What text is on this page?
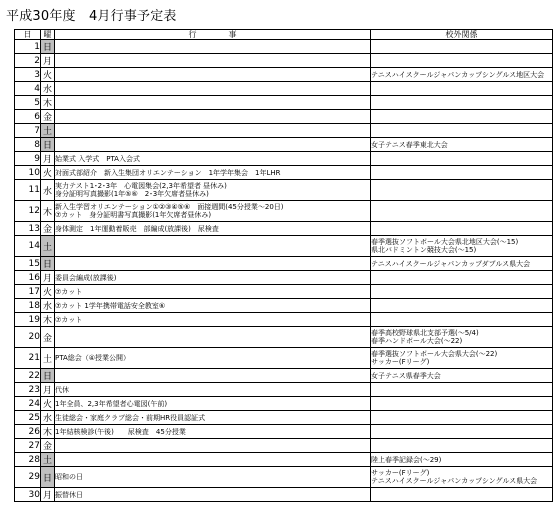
平成30年度　4月行事予定表
日	曜	行　　　　事	校外関係
1	日		
2	月		
3	火		テニスハイスクールジャパンカップシングルス地区大会

4	水		
5	木		
6	金		
7	土		
8	日		女子テニス春季東北大会

9	月	始業式 入学式　PTA入会式	

10	火	対面式部紹介　新入生集団オリエンテーション　1年学年集会　1年LHR	

11	水	実力テスト1･2･3年　心電図集会(2,3年希望者 昼休み)
身分証明写真撮影(1年⑤⑥　2･3年欠席者昼休み)	

12	木	新入生学習オリエンテーション①②③④⑤⑥　面接週間(45分授業～20日)
⑦カット　身分証明書写真撮影(1年欠席者昼休み)	

13	金	身体測定　1年運動着販売　部編成(放課後)　尿検査	

14	土		春季選抜ソフトボール大会県北地区大会(～15)
県北バドミントン競技大会(～15)

15	日		テニスハイスクールジャパンカップダブルス県大会

16	月	委員会編成(放課後)	

17	火	⑦カット	

18	水	⑦カット 1学年携帯電話安全教室⑥	

19	木	⑦カット	

20	金		春季高校野球県北支部予選(～5/4)
春季ハンドボール大会(～22)

21	土	PTA総会（④授業公開）	春季選抜ソフトボール大会県大会(～22)
サッカー(Fリーグ)

22	日		女子テニス県春季大会

23	月	代休	

24	火	1年全員、2,3年希望者心電図(午前)	

25	水	生徒総会・家庭クラブ総会・前期HR役員認証式	

26	木	1年結核検診(午後)　　尿検査　45分授業	

27	金		
28	土		陸上春季記録会(～29)

29	日	昭和の日	サッカー(Fリーグ)
テニスハイスクールジャパンカップシングルス県大会

30	月	振替休日	
